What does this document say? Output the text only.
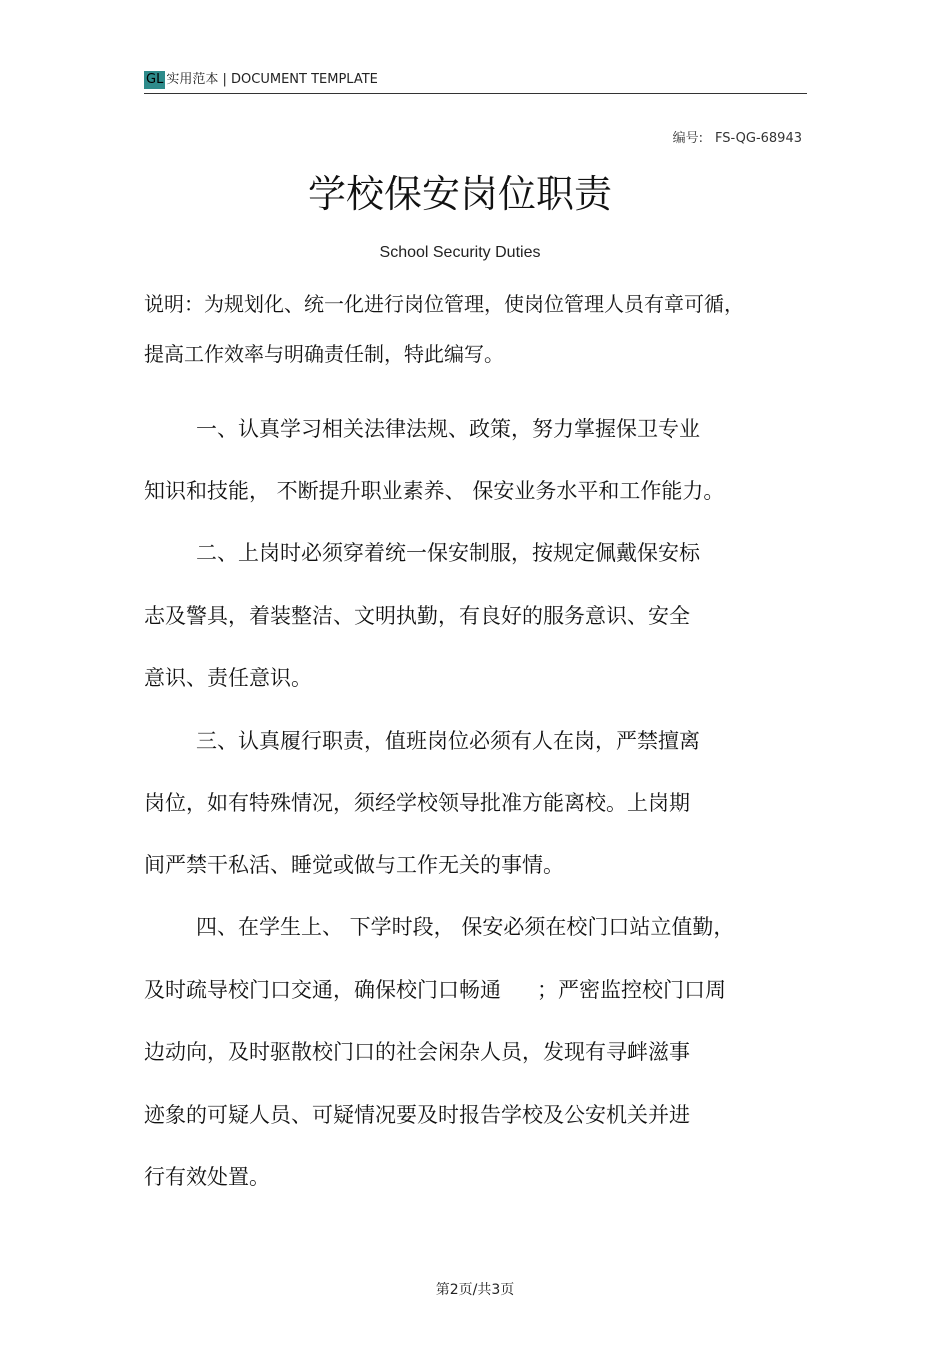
GL 实用范本 | DOCUMENT TEMPLATE
编号: FS-QG-68943
学校保安岗位职责
School Security Duties
说明：为规划化、统一化进行岗位管理，使岗位管理人员有章可循，
提高工作效率与明确责任制，特此编写。
一、认真学习相关法律法规、政策，努力掌握保卫专业
知识和技能， 不断提升职业素养、 保安业务水平和工作能力。
二、上岗时必须穿着统一保安制服，按规定佩戴保安标
志及警具，着装整洁、文明执勤，有良好的服务意识、安全
意识、责任意识。
三、认真履行职责，值班岗位必须有人在岗，严禁擅离
岗位，如有特殊情况，须经学校领导批准方能离校。上岗期
间严禁干私活、睡觉或做与工作无关的事情。
四、在学生上、 下学时段， 保安必须在校门口站立值勤，
及时疏导校门口交通，确保校门口畅通 ；严密监控校门口周
边动向，及时驱散校门口的社会闲杂人员，发现有寻衅滋事
迹象的可疑人员、可疑情况要及时报告学校及公安机关并进
行有效处置。
第2页/共3页
